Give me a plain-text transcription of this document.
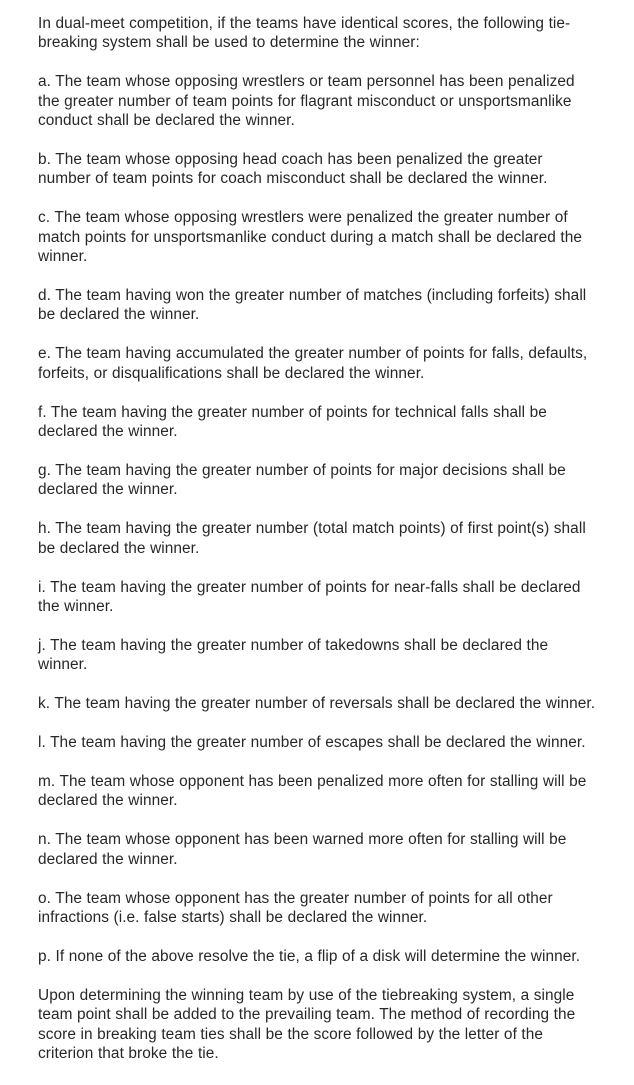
In dual-meet competition, if the teams have identical scores, the following tie-breaking system shall be used to determine the winner:

a. The team whose opposing wrestlers or team personnel has been penalized the greater number of team points for flagrant misconduct or unsportsmanlike conduct shall be declared the winner.

b. The team whose opposing head coach has been penalized the greater number of team points for coach misconduct shall be declared the winner.

c. The team whose opposing wrestlers were penalized the greater number of match points for unsportsmanlike conduct during a match shall be declared the winner.

d. The team having won the greater number of matches (including forfeits) shall be declared the winner.

e. The team having accumulated the greater number of points for falls, defaults, forfeits, or disqualifications shall be declared the winner.

f. The team having the greater number of points for technical falls shall be declared the winner.

g. The team having the greater number of points for major decisions shall be declared the winner.

h. The team having the greater number (total match points) of first point(s) shall be declared the winner.

i. The team having the greater number of points for near-falls shall be declared the winner.

j. The team having the greater number of takedowns shall be declared the winner.

k. The team having the greater number of reversals shall be declared the winner.

l. The team having the greater number of escapes shall be declared the winner.

m. The team whose opponent has been penalized more often for stalling will be declared the winner.

n. The team whose opponent has been warned more often for stalling will be declared the winner.

o. The team whose opponent has the greater number of points for all other infractions (i.e. false starts) shall be declared the winner.

p. If none of the above resolve the tie, a flip of a disk will determine the winner.

Upon determining the winning team by use of the tiebreaking system, a single team point shall be added to the prevailing team. The method of recording the score in breaking team ties shall be the score followed by the letter of the criterion that broke the tie.
